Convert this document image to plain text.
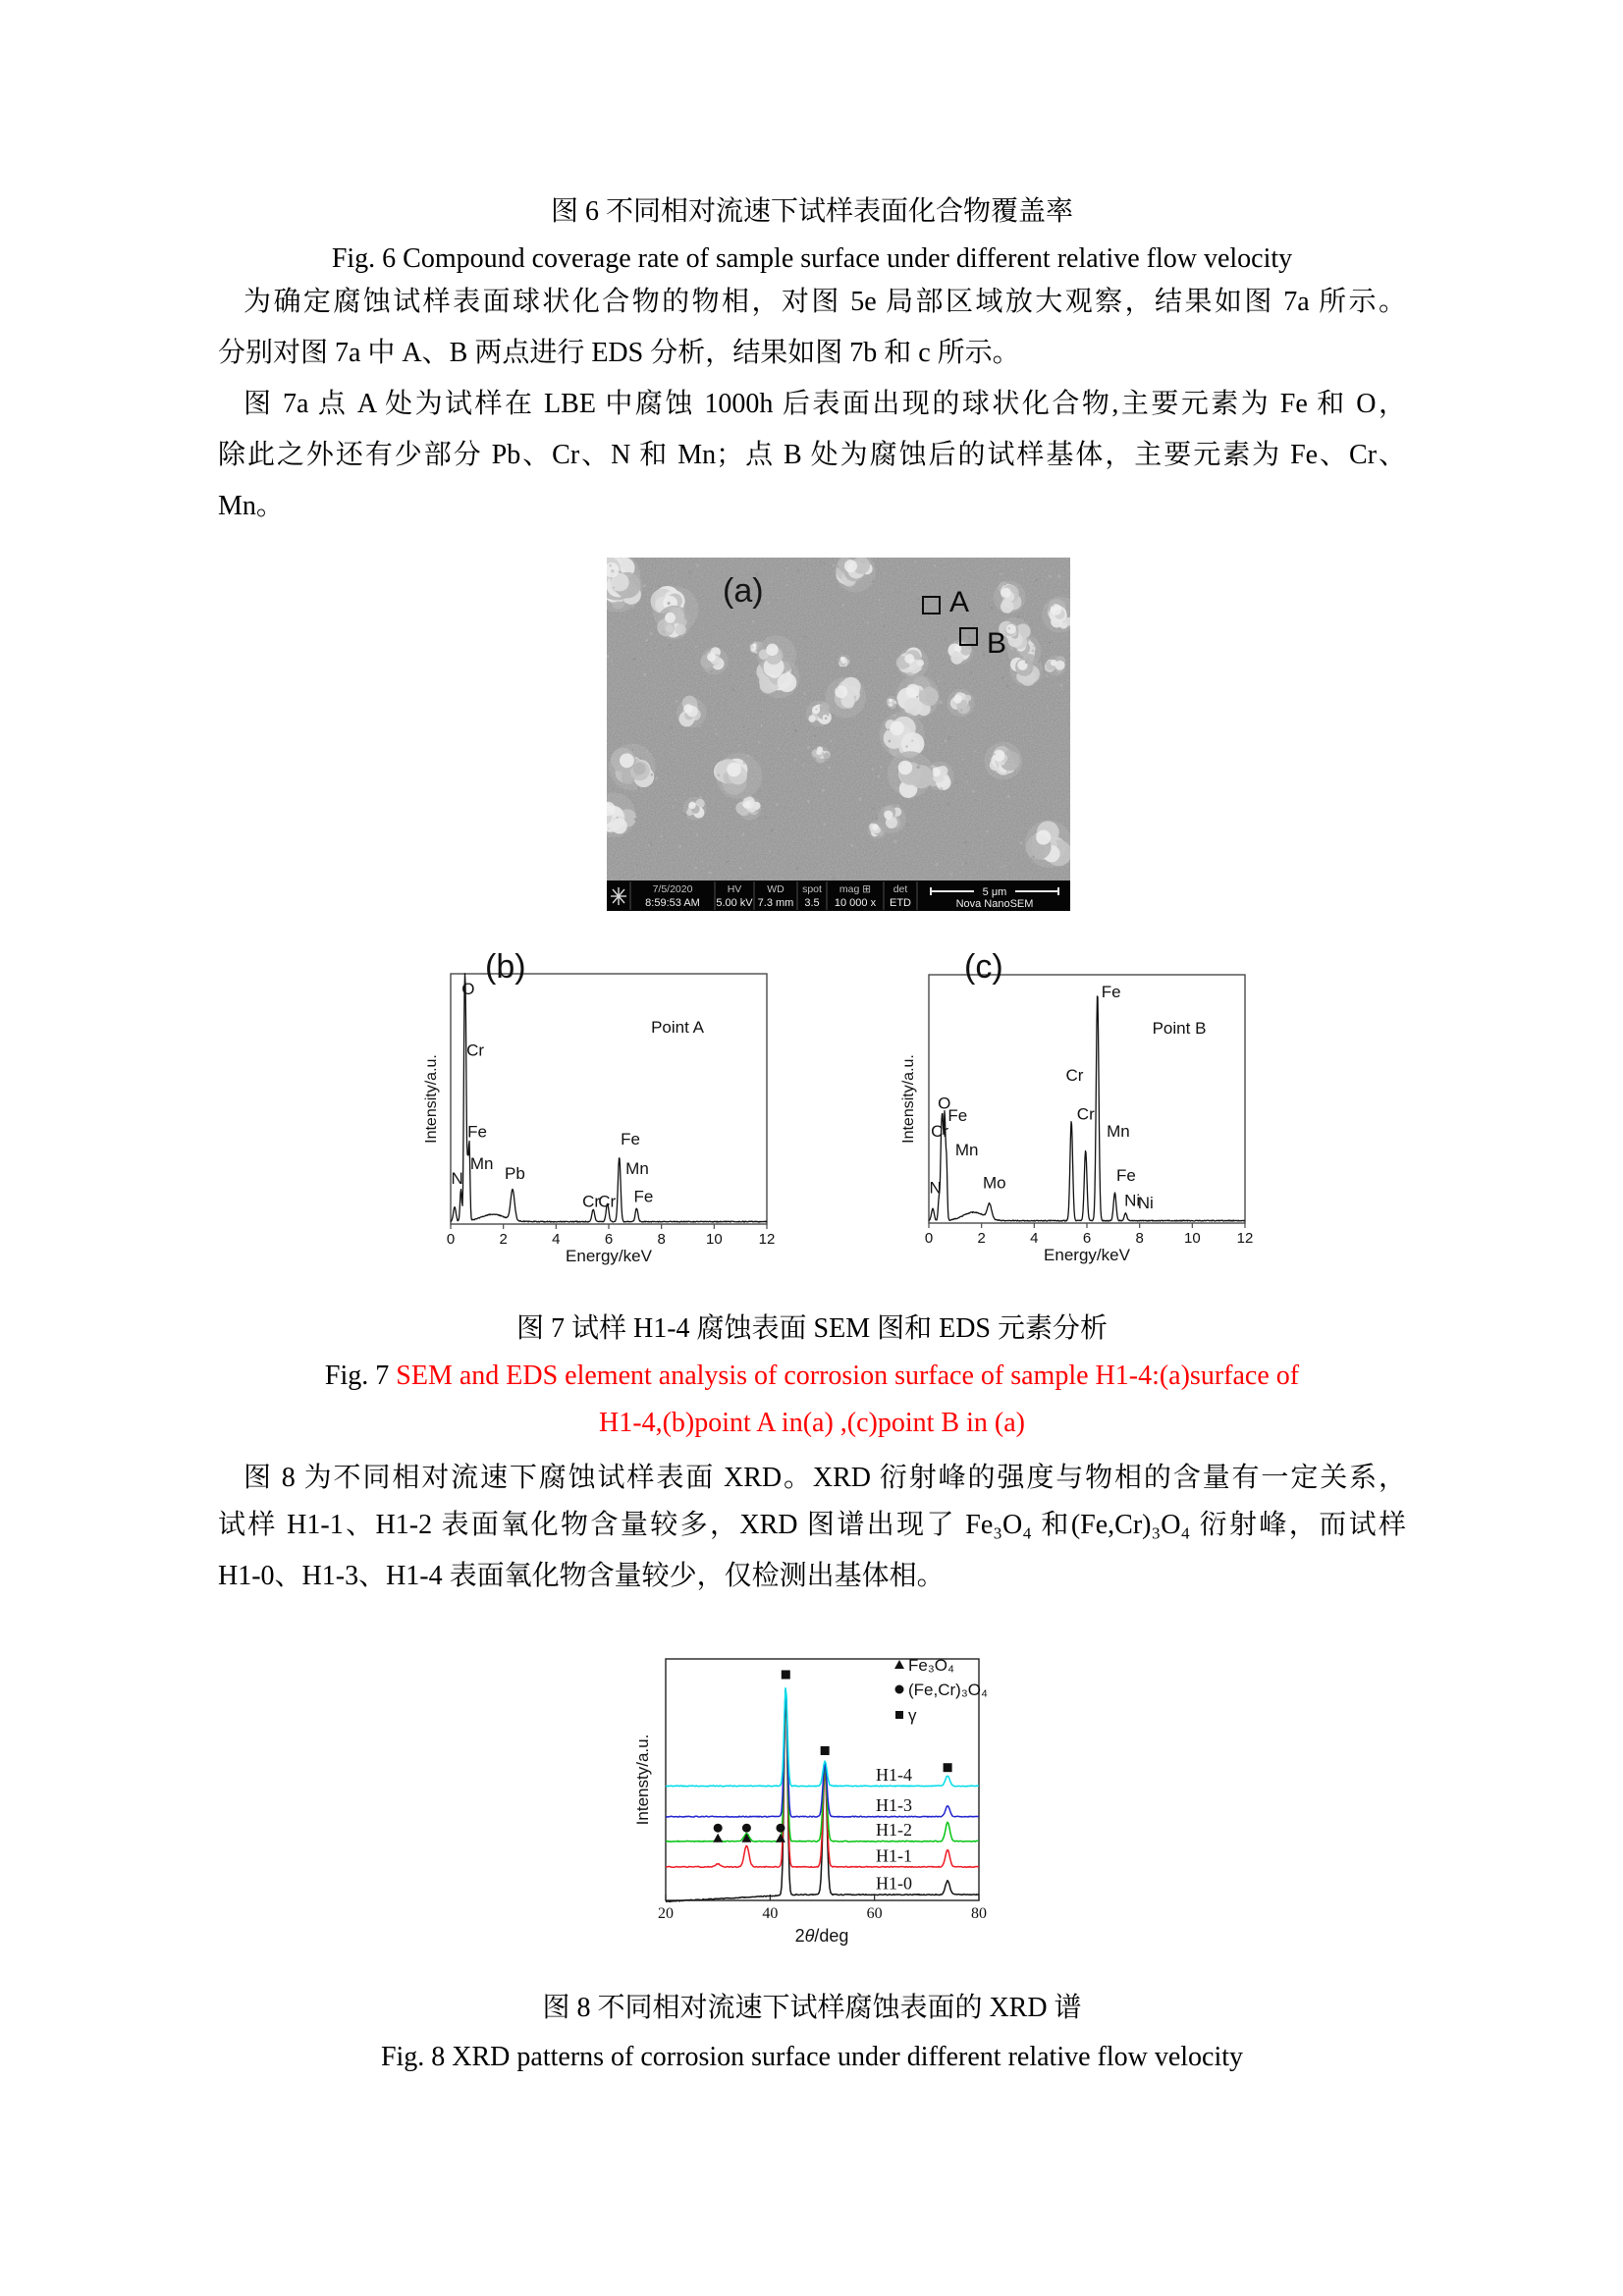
图 6 不同相对流速下试样表面化合物覆盖率
Fig. 6 Compound coverage rate of sample surface under different relative flow velocity
为确定腐蚀试样表面球状化合物的物相，对图 5e 局部区域放大观察，结果如图 7a 所示。
分别对图 7a 中 A、B 两点进行 EDS 分析，结果如图 7b 和 c 所示。
图 7a 点 A 处为试样在 LBE 中腐蚀 1000h 后表面出现的球状化合物,主要元素为 Fe 和 O，
除此之外还有少部分 Pb、Cr、N 和 Mn；点 B 处为腐蚀后的试样基体，主要元素为 Fe、Cr、
Mn。
(a)	A
B
7/5/2020
8:59:53 AM
HV
5.00 kV
WD
7.3 mm
spot
3.5
mag ⊞
10 000 x
det
ETD
5 μm
Nova NanoSEM
0	2	4	6	8	10 12
O
Cr
Fe
Mn
N Pb
Cr
Cr
Fe
Mn
Fe
(b)
Point A
Energy/keV
Intensity/a.u.
0	2	4	6	8	10 12
Fe
Cr
Cr
Mn
Fe
Ni
Ni
O
Fe
Cr
Mn
N Mo
(c)
Point B
Energy/keV
Intensity/a.u.
图 7 试样 H1-4 腐蚀表面 SEM 图和 EDS 元素分析
Fig. 7 SEM and EDS element analysis of corrosion surface of sample H1-4:(a)surface of
H1-4,(b)point A in(a) ,(c)point B in (a)
图 8 为不同相对流速下腐蚀试样表面 XRD。XRD 衍射峰的强度与物相的含量有一定关系，
试样 H1-1、H1-2 表面氧化物含量较多，XRD 图谱出现了 Fe₃O₄ 和(Fe,Cr)₃O₄ 衍射峰，而试样
H1-0、H1-3、H1-4 表面氧化物含量较少，仅检测出基体相。
20	40	60	80
H1-0
H1-1
H1-2
H1-3
H1-4
Fe₃O₄
(Fe,Cr)₃O₄
γ
2θ/deg
Intensty/a.u.
图 8 不同相对流速下试样腐蚀表面的 XRD 谱
Fig. 8 XRD patterns of corrosion surface under different relative flow velocity
